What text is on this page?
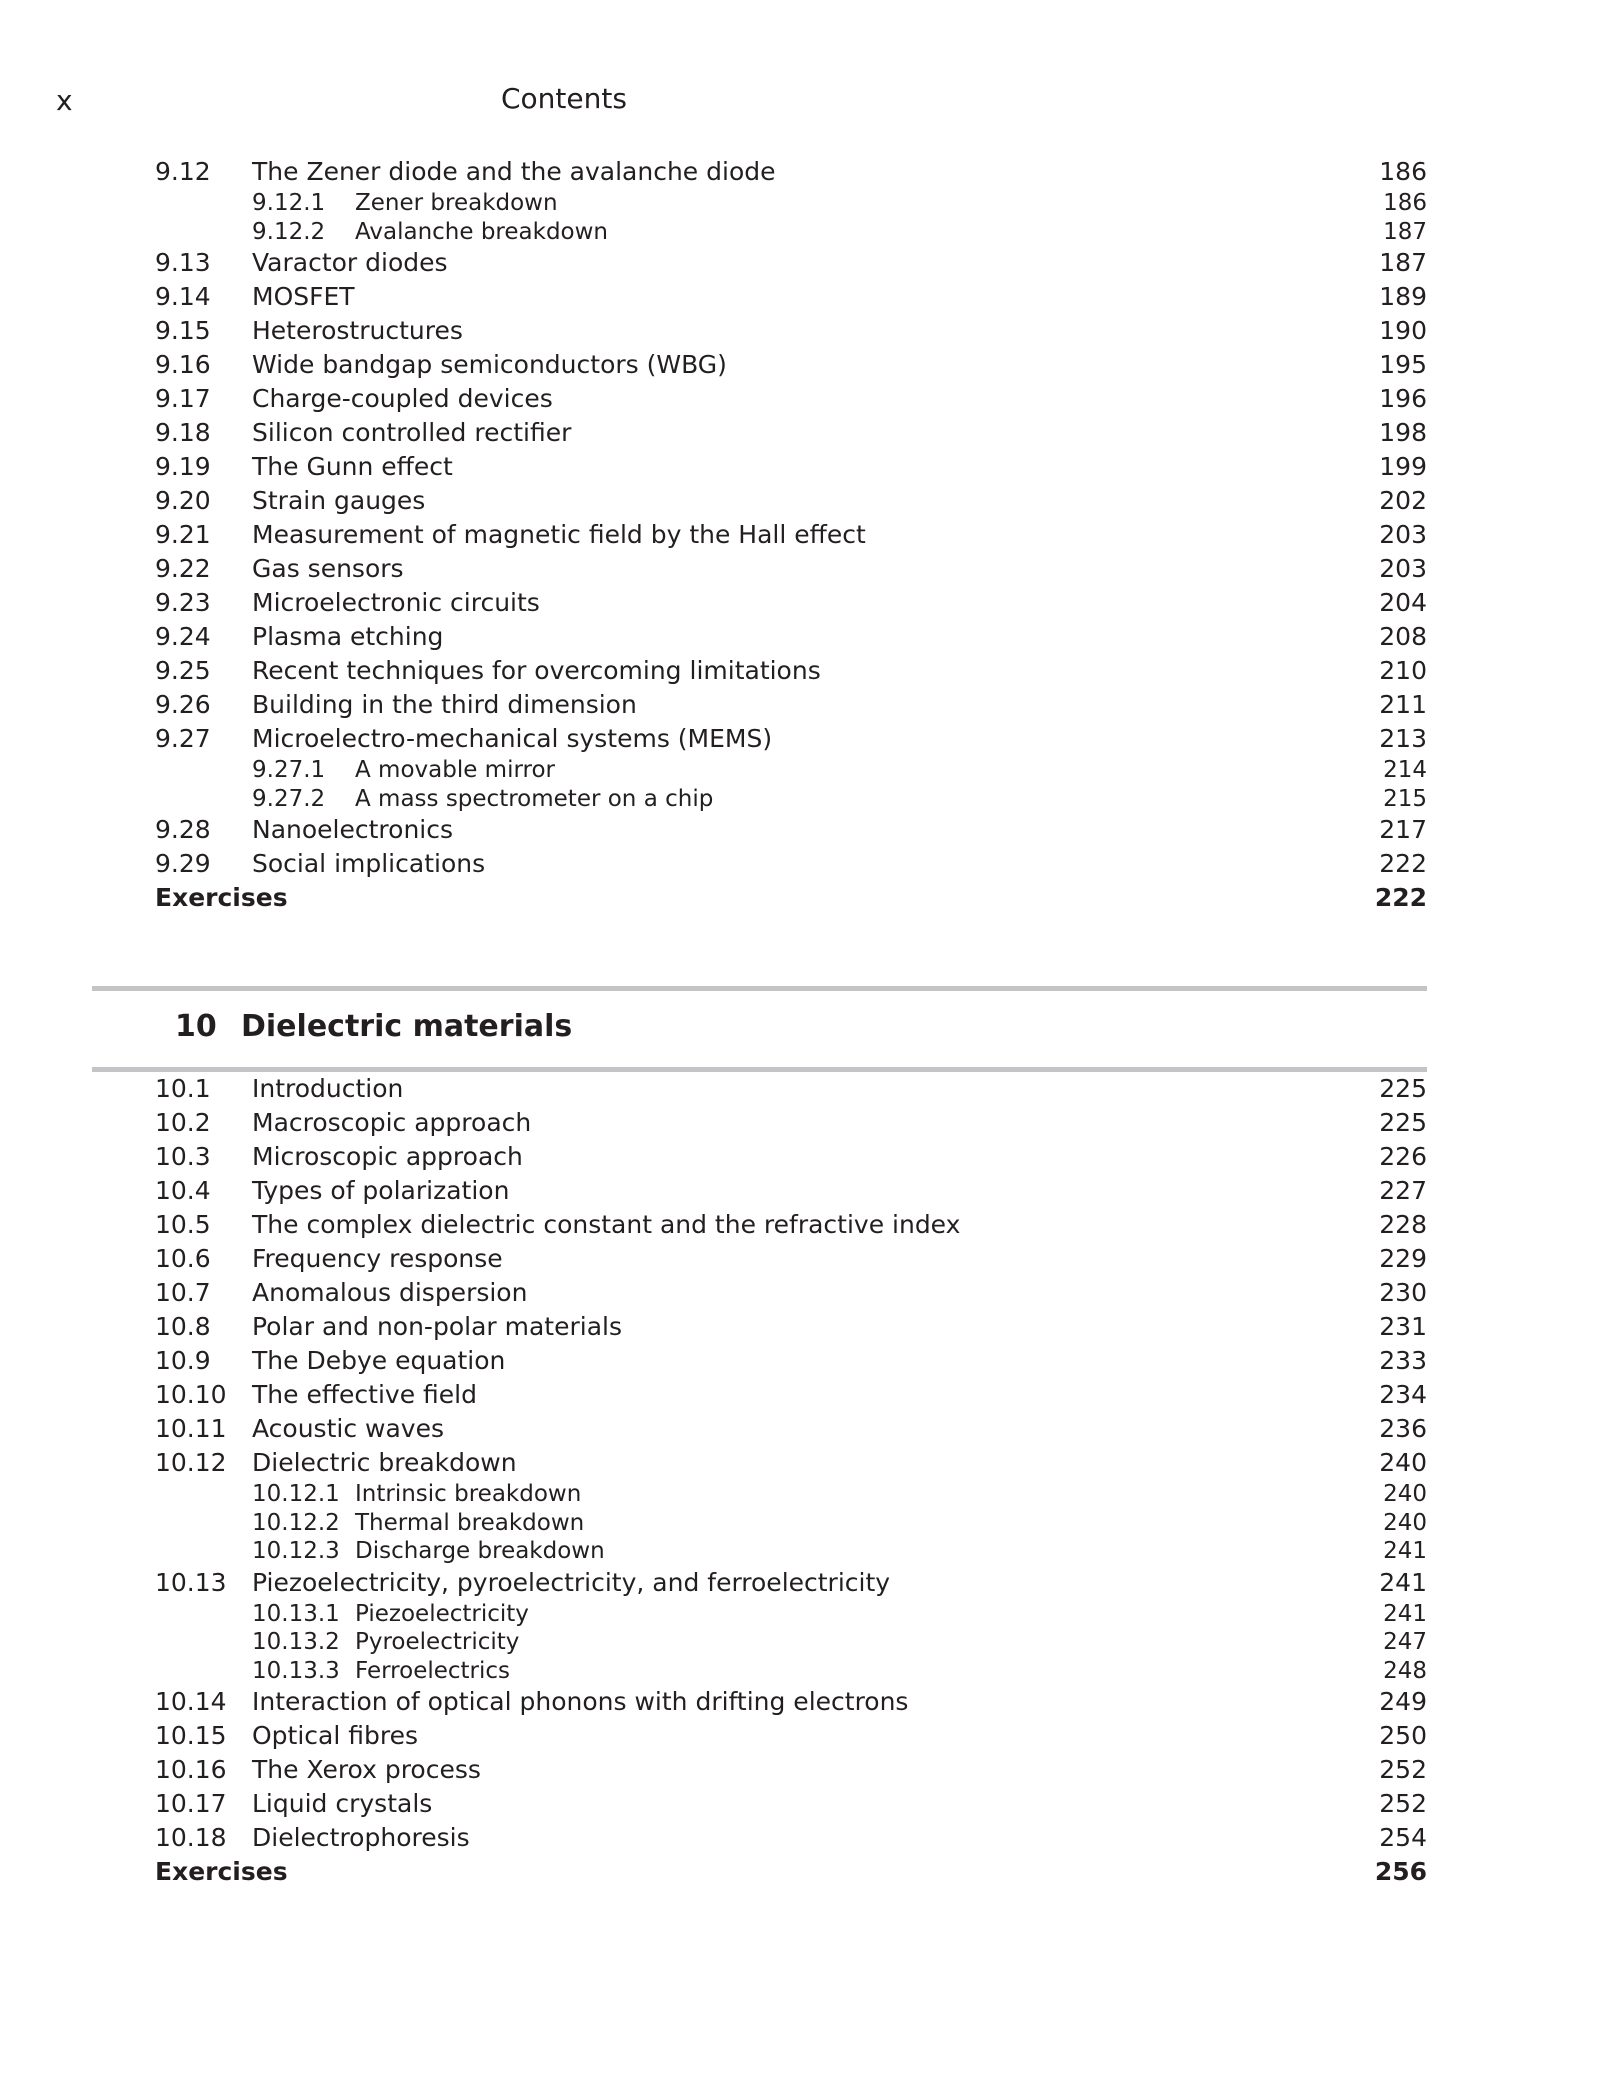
x	Contents
9.12 The Zener diode and the avalanche diode	186
9.12.1 Zener breakdown	186
9.12.2 Avalanche breakdown	187
9.13 Varactor diodes	187
9.14 MOSFET	189
9.15 Heterostructures	190
9.16 Wide bandgap semiconductors (WBG)	195
9.17 Charge-coupled devices	196
9.18 Silicon controlled rectifier	198
9.19 The Gunn effect	199
9.20 Strain gauges	202
9.21 Measurement of magnetic field by the Hall effect	203
9.22 Gas sensors	203
9.23 Microelectronic circuits	204
9.24 Plasma etching	208
9.25 Recent techniques for overcoming limitations	210
9.26 Building in the third dimension	211
9.27 Microelectro-mechanical systems (MEMS)	213
9.27.1 A movable mirror	214
9.27.2 A mass spectrometer on a chip	215
9.28 Nanoelectronics	217
9.29 Social implications	222
Exercises	222
10 Dielectric materials
10.1 Introduction	225
10.2 Macroscopic approach	225
10.3 Microscopic approach	226
10.4 Types of polarization	227
10.5 The complex dielectric constant and the refractive index	228
10.6 Frequency response	229
10.7 Anomalous dispersion	230
10.8 Polar and non-polar materials	231
10.9 The Debye equation	233
10.10 The effective field	234
10.11 Acoustic waves	236
10.12 Dielectric breakdown	240
10.12.1 Intrinsic breakdown	240
10.12.2 Thermal breakdown	240
10.12.3 Discharge breakdown	241
10.13 Piezoelectricity, pyroelectricity, and ferroelectricity	241
10.13.1 Piezoelectricity	241
10.13.2 Pyroelectricity	247
10.13.3 Ferroelectrics	248
10.14 Interaction of optical phonons with drifting electrons	249
10.15 Optical fibres	250
10.16 The Xerox process	252
10.17 Liquid crystals	252
10.18 Dielectrophoresis	254
Exercises	256
